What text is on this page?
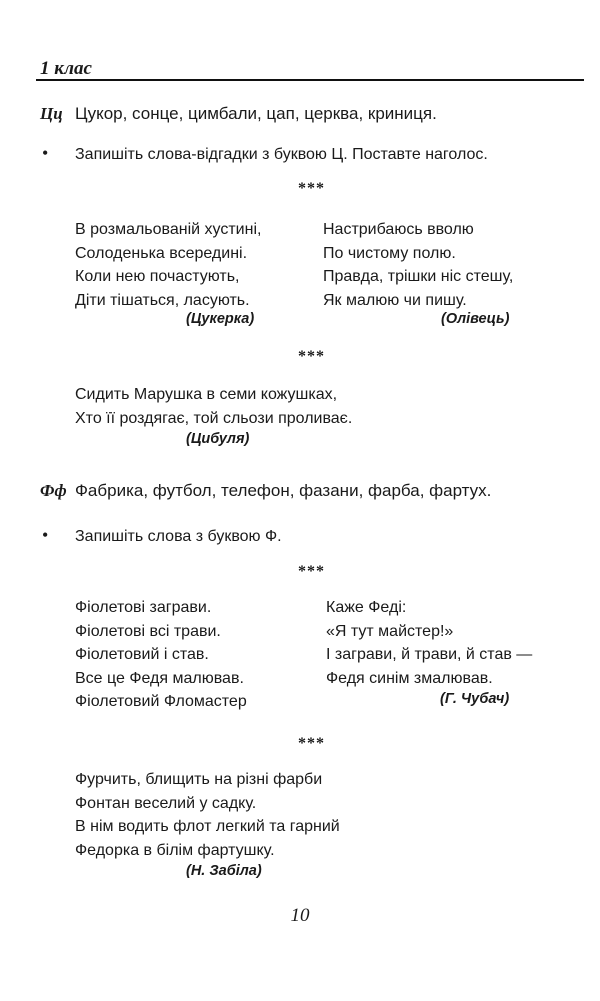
1 клас
Цц Цукор, сонце, цимбали, цап, церква, криниця.
• Запишіть слова-відгадки з буквою Ц. Поставте наголос.
***
В розмальованій хустині,
Солоденька всередині.
Коли нею почастують,
Діти тішаться, ласують.
(Цукерка)
Настрибаюсь вволю
По чистому полю.
Правда, трішки ніс стешу,
Як малюю чи пишу.
(Олівець)
***
Сидить Марушка в семи кожушках,
Хто її роздягає, той сльози проливає.
(Цибуля)
Фф Фабрика, футбол, телефон, фазани, фарба, фартух.
• Запишіть слова з буквою Ф.
***
Фіолетові заграви.
Фіолетові всі трави.
Фіолетовий і став.
Все це Федя малював.
Фіолетовий Фломастер
Каже Феді:
«Я тут майстер!»
І заграви, й трави, й став —
Федя синім змалював.
(Г. Чубач)
***
Фурчить, блищить на різні фарби
Фонтан веселий у садку.
В нім водить флот легкий та гарний
Федорка в білім фартушку.
(Н. Забіла)
10
